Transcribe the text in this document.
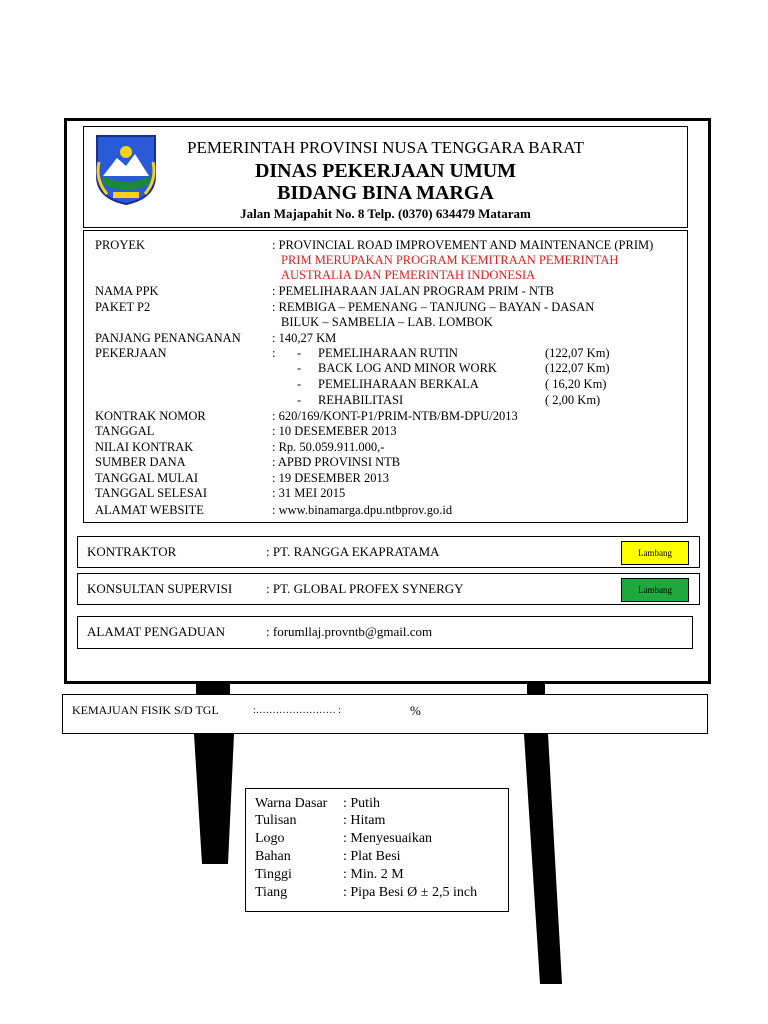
PEMERINTAH PROVINSI NUSA TENGGARA BARAT
DINAS PEKERJAAN UMUM
BIDANG BINA MARGA
Jalan Majapahit No. 8 Telp. (0370) 634479 Mataram
PROYEK	: PROVINCIAL ROAD IMPROVEMENT AND MAINTENANCE (PRIM)
PRIM MERUPAKAN PROGRAM KEMITRAAN PEMERINTAH
AUSTRALIA DAN PEMERINTAH INDONESIA
NAMA PPK	: PEMELIHARAAN JALAN PROGRAM PRIM - NTB
PAKET P2	: REMBIGA – PEMENANG – TANJUNG – BAYAN - DASAN
BILUK – SAMBELIA – LAB. LOMBOK
PANJANG PENANGANAN	: 140,27 KM
PEKERJAAN	: - PEMELIHARAAN RUTIN	(122,07 Km)
- BACK LOG AND MINOR WORK	(122,07 Km)
- PEMELIHARAAN BERKALA	( 16,20 Km)
- REHABILITASI	( 2,00 Km)
KONTRAK NOMOR	: 620/169/KONT-P1/PRIM-NTB/BM-DPU/2013
TANGGAL	: 10 DESEMEBER 2013
NILAI KONTRAK	: Rp. 50.059.911.000,-
SUMBER DANA	: APBD PROVINSI NTB
TANGGAL MULAI	: 19 DESEMBER 2013
TANGGAL SELESAI	: 31 MEI 2015
ALAMAT WEBSITE	: www.binamarga.dpu.ntbprov.go.id
KONTRAKTOR	: PT. RANGGA EKAPRATAMA	Lambang
KONSULTAN SUPERVISI	: PT. GLOBAL PROFEX SYNERGY	Lambang
ALAMAT PENGADUAN	: forumllaj.provntb@gmail.com
KEMAJUAN FISIK S/D TGL	:…………………… :	%
Warna Dasar : Putih
Tulisan	: Hitam
Logo	: Menyesuaikan
Bahan	: Plat Besi
Tinggi	: Min. 2 M
Tiang	: Pipa Besi Ø ± 2,5 inch
